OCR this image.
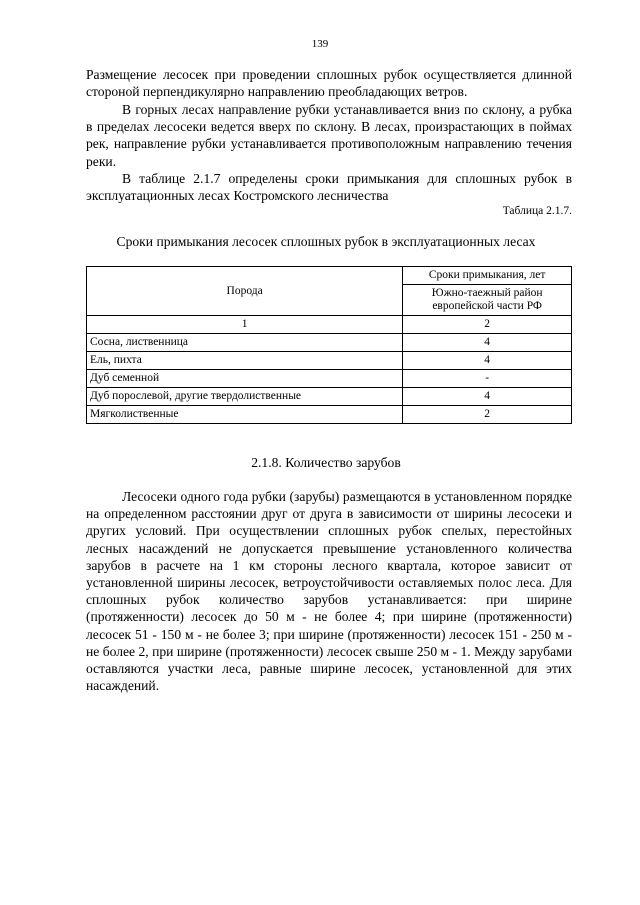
139

Размещение лесосек при проведении сплошных рубок осуществляется длинной стороной перпендикулярно направлению преобладающих ветров.

В горных лесах направление рубки устанавливается вниз по склону, а рубка в пределах лесосеки ведется вверх по склону. В лесах, произрастающих в поймах рек, направление рубки устанавливается противоположным направлению течения реки.

В таблице 2.1.7 определены сроки примыкания для сплошных рубок в эксплуатационных лесах Костромского лесничества

Таблица 2.1.7.
Сроки примыкания лесосек сплошных рубок в эксплуатационных лесах
Порода	Сроки примыкания, лет
	Южно-таежный район европейской части РФ
1	2
Сосна, лиственница	4
Ель, пихта	4
Дуб семенной	-
Дуб порослевой, другие твердолиственные	4
Мягколиственные	2
2.1.8. Количество зарубов

Лесосеки одного года рубки (зарубы) размещаются в установленном порядке на определенном расстоянии друг от друга в зависимости от ширины лесосеки и других условий. При осуществлении сплошных рубок спелых, перестойных лесных насаждений не допускается превышение установленного количества зарубов в расчете на 1 км стороны лесного квартала, которое зависит от установленной ширины лесосек, ветроустойчивости оставляемых полос леса. Для сплошных рубок количество зарубов устанавливается: при ширине (протяженности) лесосек до 50 м - не более 4; при ширине (протяженности) лесосек 51 - 150 м - не более 3; при ширине (протяженности) лесосек 151 - 250 м - не более 2, при ширине (протяженности) лесосек свыше 250 м - 1. Между зарубами оставляются участки леса, равные ширине лесосек, установленной для этих насаждений.
